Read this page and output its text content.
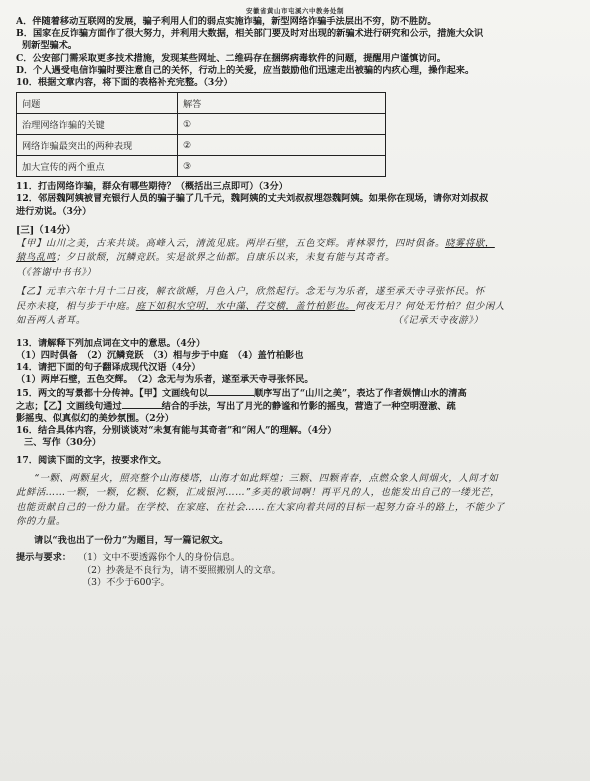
安徽省黄山市屯溪六中教务处制
A．伴随着移动互联网的发展，骗子利用人们的弱点实施诈骗，新型网络诈骗手法层出不穷，防不胜防。
B．国家在反诈骗方面作了很大努力，并利用大数据，相关部门要及时对出现的新骗术进行研究和公示，措施大众识
别新型骗术。
C．公安部门需采取更多技术措施，发现某些网址、二维码存在捆绑病毒软件的问题，提醒用户谨慎访问。
D．个人遇受电信诈骗时要注意自己的关怀，行动上的关爱，应当鼓励他们迅速走出被骗的内疚心理，操作起来。
10．根据文章内容，将下面的表格补充完整。（3分）
问题	解答
治理网络诈骗的关键	①
网络诈骗最突出的两种表现	②
加大宣传的两个重点	③
11．打击网络诈骗，群众有哪些期待？（概括出三点即可）（3分）
12．邻居魏阿姨被冒充银行人员的骗子骗了几千元，魏阿姨的丈夫刘叔叔埋怨魏阿姨。如果你在现场，请你对刘叔叔
进行劝说。（3分）
[三]（14分）
【甲】山川之美，古来共谈。高峰入云，清流见底。两岸石壁，五色交辉。青林翠竹，四时俱备。晓雾将歇，
猿鸟乱鸣；夕日欲颓，沉鳞竞跃。实是欲界之仙都。自康乐以来，未复有能与其奇者。
（《答谢中书书》）
【乙】元丰六年十月十二日夜，解衣欲睡，月色入户，欣然起行。念无与为乐者，遂至承天寺寻张怀民。怀
民亦未寝，相与步于中庭。庭下如积水空明，水中藻、荇交横，盖竹柏影也。何夜无月？何处无竹柏？但少闲人
如吾两人者耳。	（《记承天寺夜游》）
13．请解释下列加点词在文中的意思。（4分）
（1）四时俱备　（2）沉鳞竞跃　（3）相与步于中庭　（4）盖竹柏影也
14．请把下面的句子翻译成现代汉语（4分）
（1）两岸石壁，五色交辉。　（2）念无与为乐者，遂至承天寺寻张怀民。
15．两文的写景都十分传神。【甲】文画线句以	顺序写出了“山川之美”，表达了作者娱情山水的清高
之志；【乙】文画线句通过	结合的手法，写出了月光的静谧和竹影的摇曳，营造了一种空明澄澈、疏
影摇曳、似真似幻的美妙氛围。（2分）
16．结合具体内容，分别谈谈对“未复有能与其奇者”和“闲人”的理解。（4分）
三、写作（30分）
17．阅读下面的文字，按要求作文。
“一颗、两颗星火，照亮整个山海楼塔，山海才如此辉煌；三颗、四颗青春，点燃众象人间烟火，人间才如
此鲜活……一颗，一颗，亿颗、亿颗，汇成银河……”多美的歌词啊！再平凡的人，也能发出自己的一缕光芒，
也能贡献自己的一份力量。在学校、在家庭、在社会……在大家向着共同的目标一起努力奋斗的路上，不能少了
你的力量。
请以“我也出了一份力”为题目，写一篇记叙文。
提示与要求： （1）文中不要透露你个人的身份信息。
（2）抄袭是不良行为，请不要照搬别人的文章。
（3）不少于600字。
